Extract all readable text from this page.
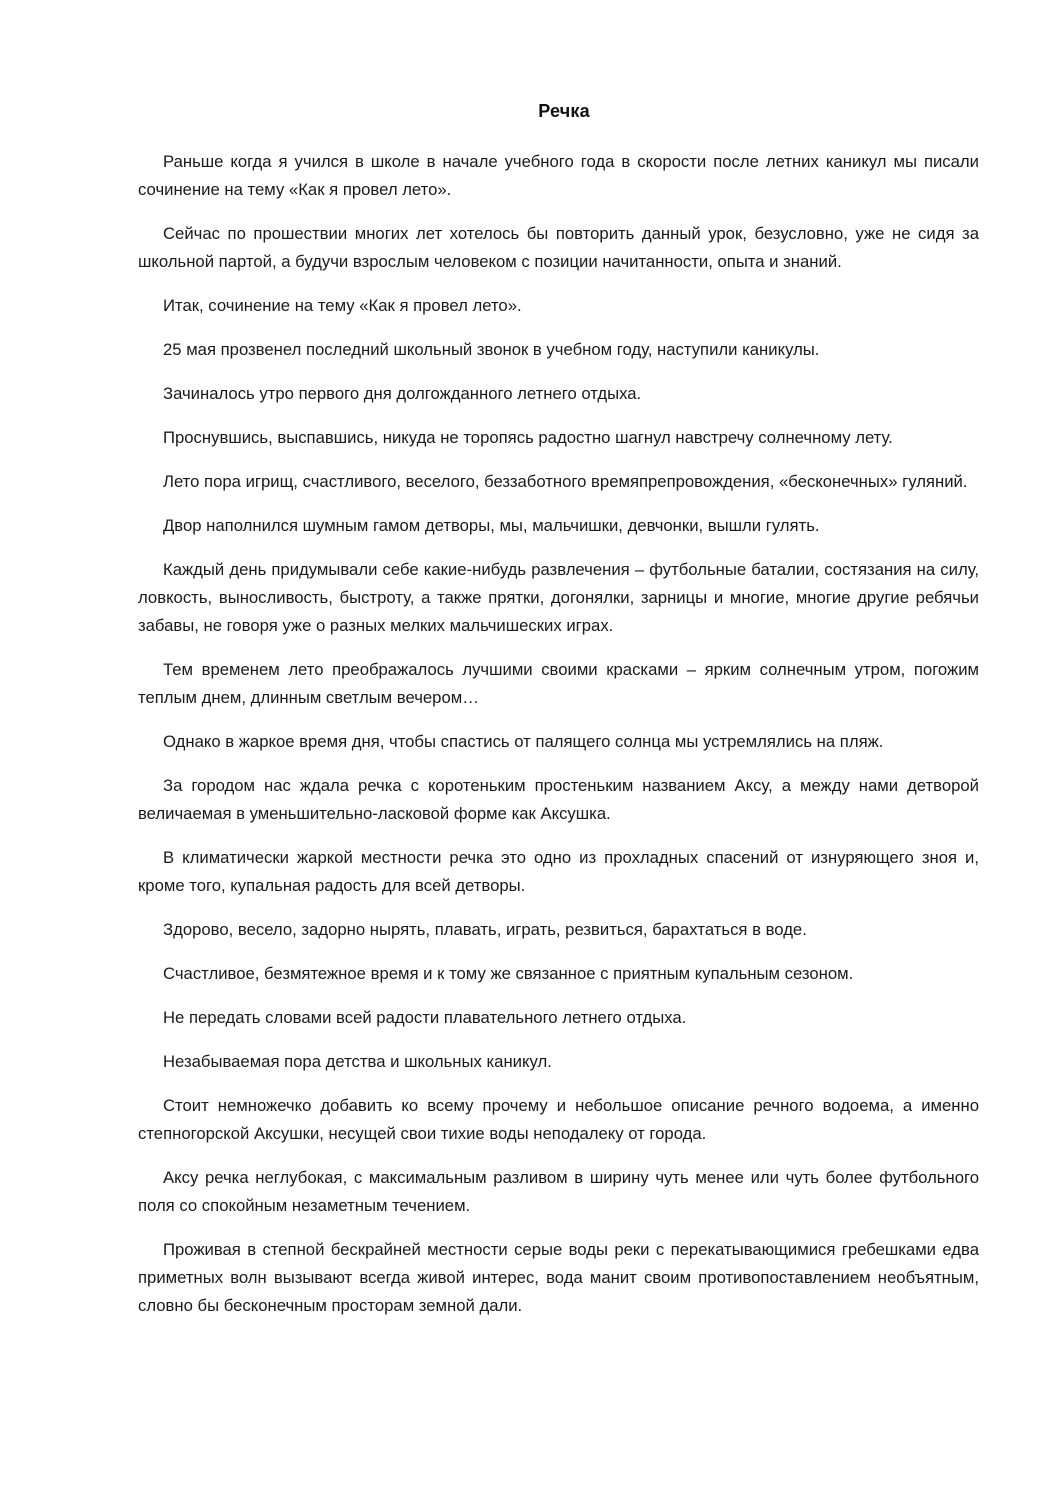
Речка

Раньше когда я учился в школе в начале учебного года в скорости после летних каникул мы писали сочинение на тему «Как я провел лето».

Сейчас по прошествии многих лет хотелось бы повторить данный урок, безусловно, уже не сидя за школьной партой, а будучи взрослым человеком с позиции начитанности, опыта и знаний.

Итак, сочинение на тему «Как я провел лето».

25 мая прозвенел последний школьный звонок в учебном году, наступили каникулы.

Зачиналось утро первого дня долгожданного летнего отдыха.

Проснувшись, выспавшись, никуда не торопясь радостно шагнул навстречу солнечному лету.

Лето пора игрищ, счастливого, веселого, беззаботного времяпрепровождения, «бесконечных» гуляний.

Двор наполнился шумным гамом детворы, мы, мальчишки, девчонки, вышли гулять.

Каждый день придумывали себе какие-нибудь развлечения – футбольные баталии, состязания на силу, ловкость, выносливость, быстроту, а также прятки, догонялки, зарницы и многие, многие другие ребячьи забавы, не говоря уже о разных мелких мальчишеских играх.

Тем временем лето преображалось лучшими своими красками – ярким солнечным утром, погожим теплым днем, длинным светлым вечером…

Однако в жаркое время дня, чтобы спастись от палящего солнца мы устремлялись на пляж.

За городом нас ждала речка с коротеньким простеньким названием Аксу, а между нами детворой величаемая в уменьшительно-ласковой форме как Аксушка.

В климатически жаркой местности речка это одно из прохладных спасений от изнуряющего зноя и, кроме того, купальная радость для всей детворы.

Здорово, весело, задорно нырять, плавать, играть, резвиться, барахтаться в воде.

Счастливое, безмятежное время и к тому же связанное с приятным купальным сезоном.

Не передать словами всей радости плавательного летнего отдыха.

Незабываемая пора детства и школьных каникул.

Стоит немножечко добавить ко всему прочему и небольшое описание речного водоема, а именно степногорской Аксушки, несущей свои тихие воды неподалеку от города.

Аксу речка неглубокая, с максимальным разливом в ширину чуть менее или чуть более футбольного поля со спокойным незаметным течением.

Проживая в степной бескрайней местности серые воды реки с перекатывающимися гребешками едва приметных волн вызывают всегда живой интерес, вода манит своим противопоставлением необъятным, словно бы бесконечным просторам земной дали.
